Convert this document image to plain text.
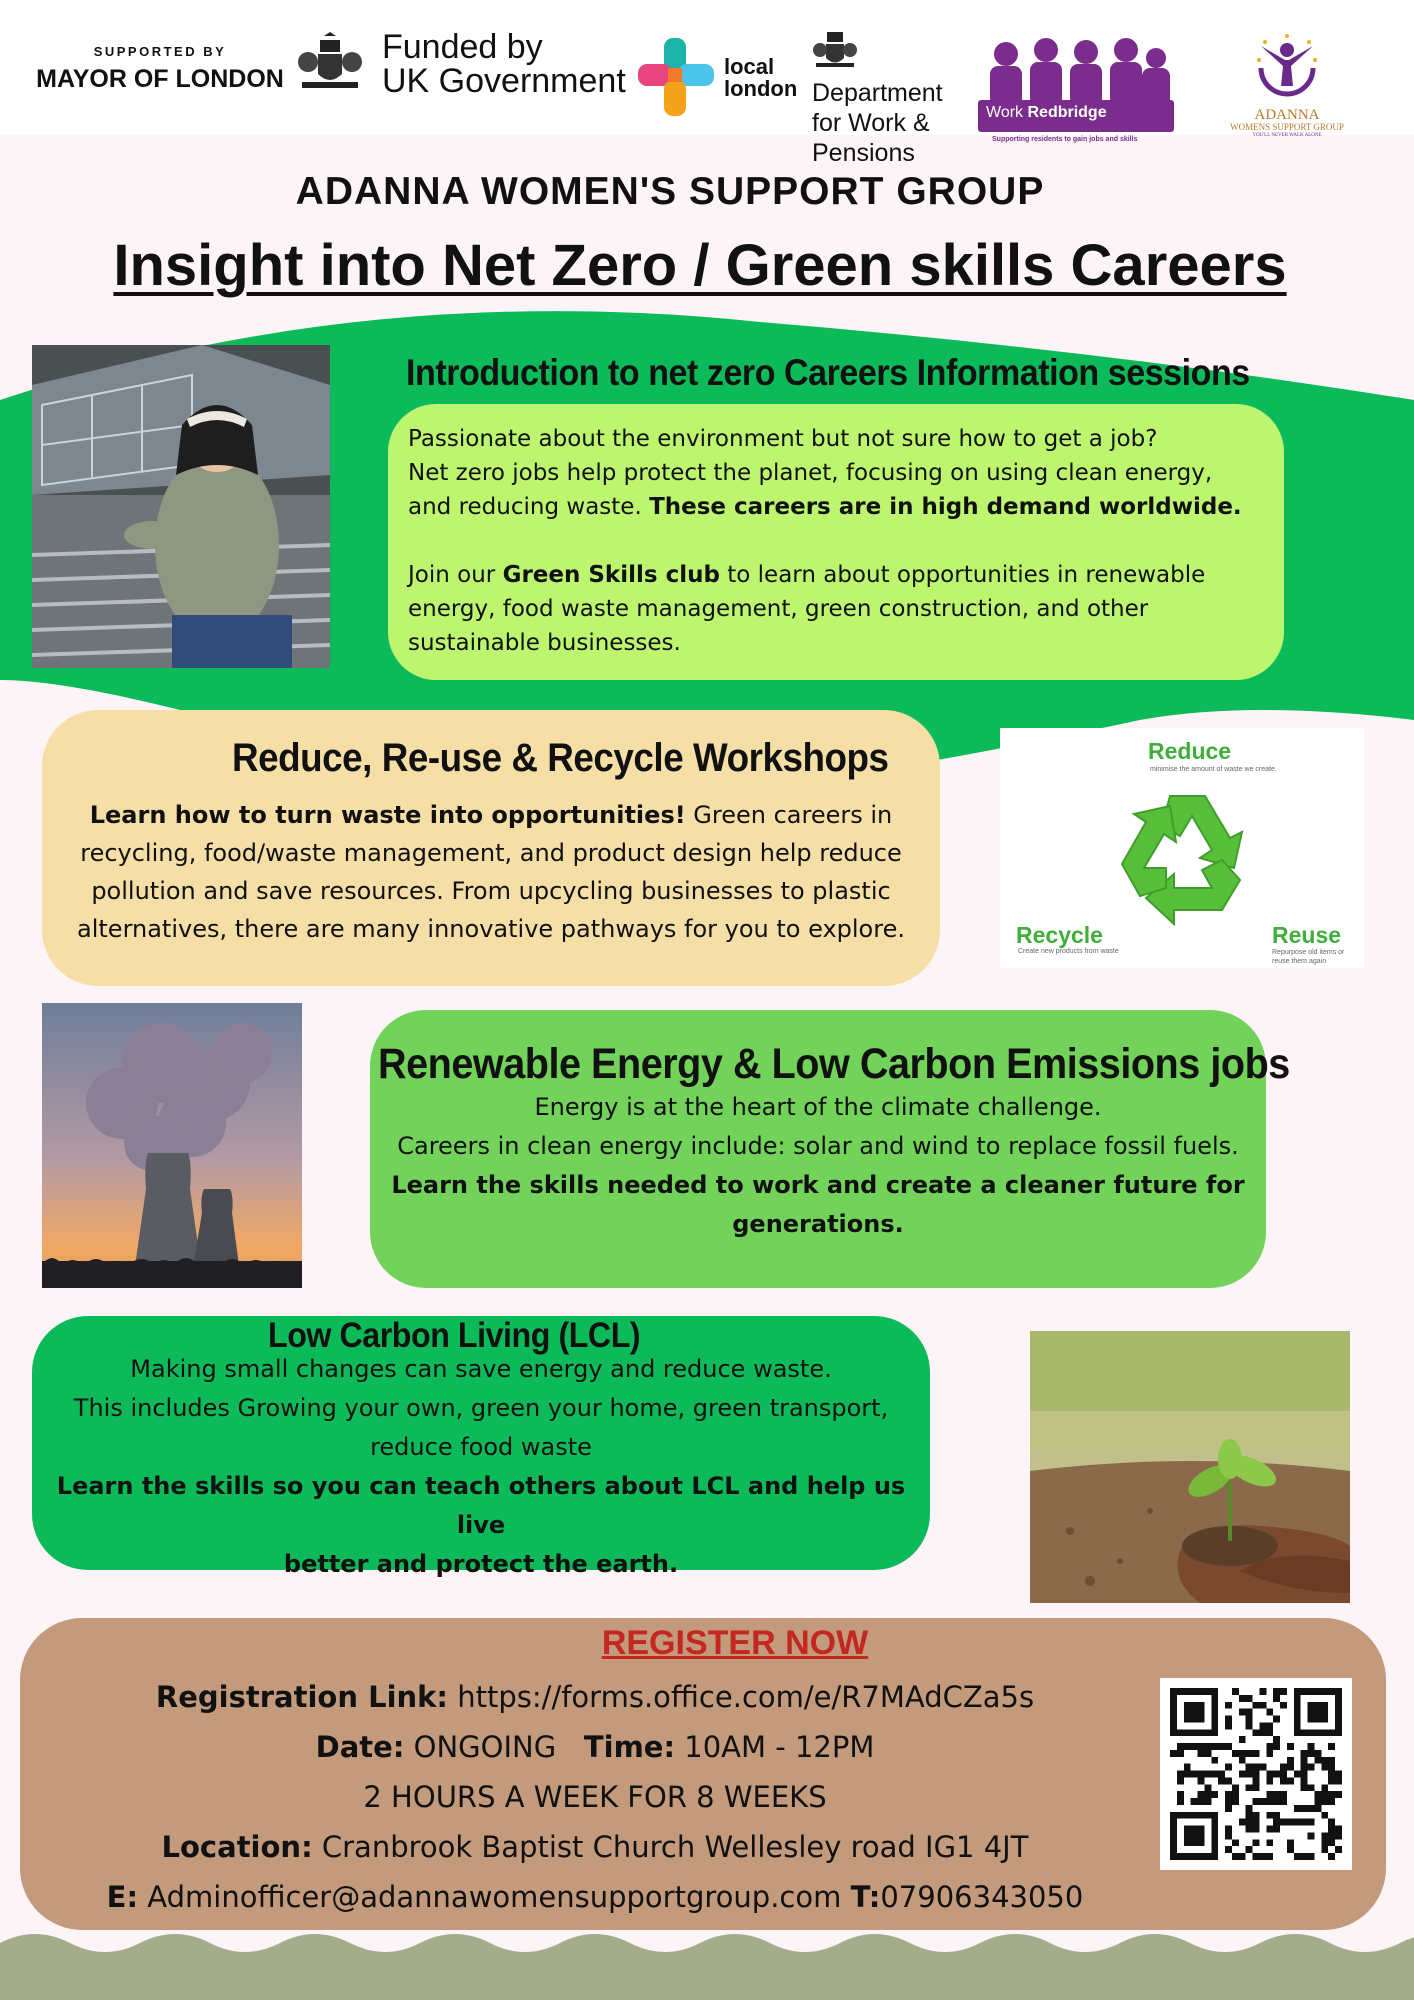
SUPPORTED BY
MAYOR OF LONDON
Funded by
UK Government	local
london Department
for Work &
Pensions
Work Redbridge
Supporting residents to gain jobs and skills
ADANNA
WOMENS SUPPORT GROUP
YOU'LL NEVER WALK ALONE
ADANNA WOMEN'S SUPPORT GROUP
Insight into Net Zero / Green skills Careers
Introduction to net zero Careers Information sessions
Passionate about the environment but not sure how to get a job?
Net zero jobs help protect the planet, focusing on using clean energy,
and reducing waste. These careers are in high demand worldwide.
Join our Green Skills club to learn about opportunities in renewable
energy, food waste management, green construction, and other
sustainable businesses.
Reduce, Re-use & Recycle Workshops
Learn how to turn waste into opportunities! Green careers in
recycling, food/waste management, and product design help reduce
pollution and save resources. From upcycling businesses to plastic
alternatives, there are many innovative pathways for you to explore.
Reduce
minimise the amount of waste we create.
Recycle
Create new products from waste
Reuse
Repurpose old items or reuse them again
Renewable Energy & Low Carbon Emissions jobs
Energy is at the heart of the climate challenge.
Careers in clean energy include: solar and wind to replace fossil fuels.
Learn the skills needed to work and create a cleaner future for
generations.
Low Carbon Living (LCL)
Making small changes can save energy and reduce waste.
This includes Growing your own, green your home, green transport,
reduce food waste
Learn the skills so you can teach others about LCL and help us live
better and protect the earth.
REGISTER NOW
Registration Link: https://forms.office.com/e/R7MAdCZa5s
Date: ONGOING Time: 10AM - 12PM
2 HOURS A WEEK FOR 8 WEEKS
Location: Cranbrook Baptist Church Wellesley road IG1 4JT
E: Adminofficer@adannawomensupportgroup.com T:07906343050
